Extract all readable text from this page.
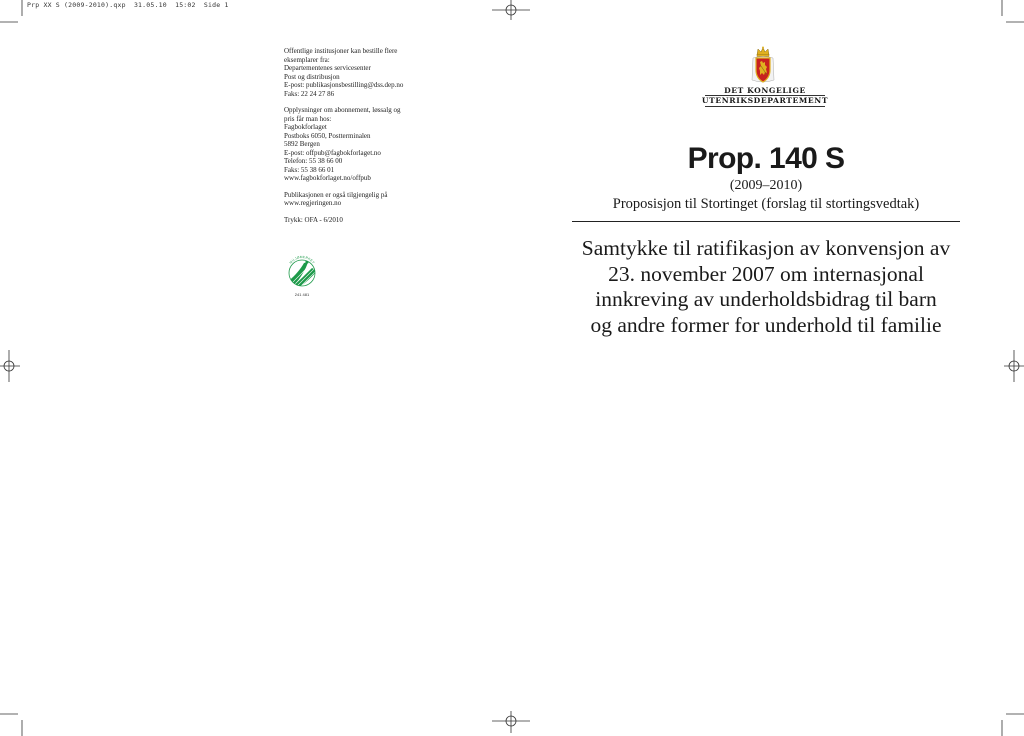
Prp XX S (2009-2010).qxp  31.05.10  15:02  Side 1
Offentlige institusjoner kan bestille flere
eksemplarer fra:
Departementenes servicesenter
Post og distribusjon
E-post: publikasjonsbestilling@dss.dep.no
Faks: 22 24 27 86
Opplysninger om abonnement, løssalg og
pris får man hos:
Fagbokforlaget
Postboks 6050, Postterminalen
5892 Bergen
E-post: offpub@fagbokforlaget.no
Telefon: 55 38 66 00
Faks: 55 38 66 01
www.fagbokforlaget.no/offpub
Publikasjonen er også tilgjengelig på
www.regjeringen.no
Trykk: OFA - 6/2010
MILJØMERKET
241 481
DET KONGELIGE
UTENRIKSDEPARTEMENT
Prop. 140 S
(2009–2010)
Proposisjon til Stortinget (forslag til stortingsvedtak)
Samtykke til ratifikasjon av konvensjon av
23. november 2007 om internasjonal
innkreving av underholdsbidrag til barn
og andre former for underhold til familie
